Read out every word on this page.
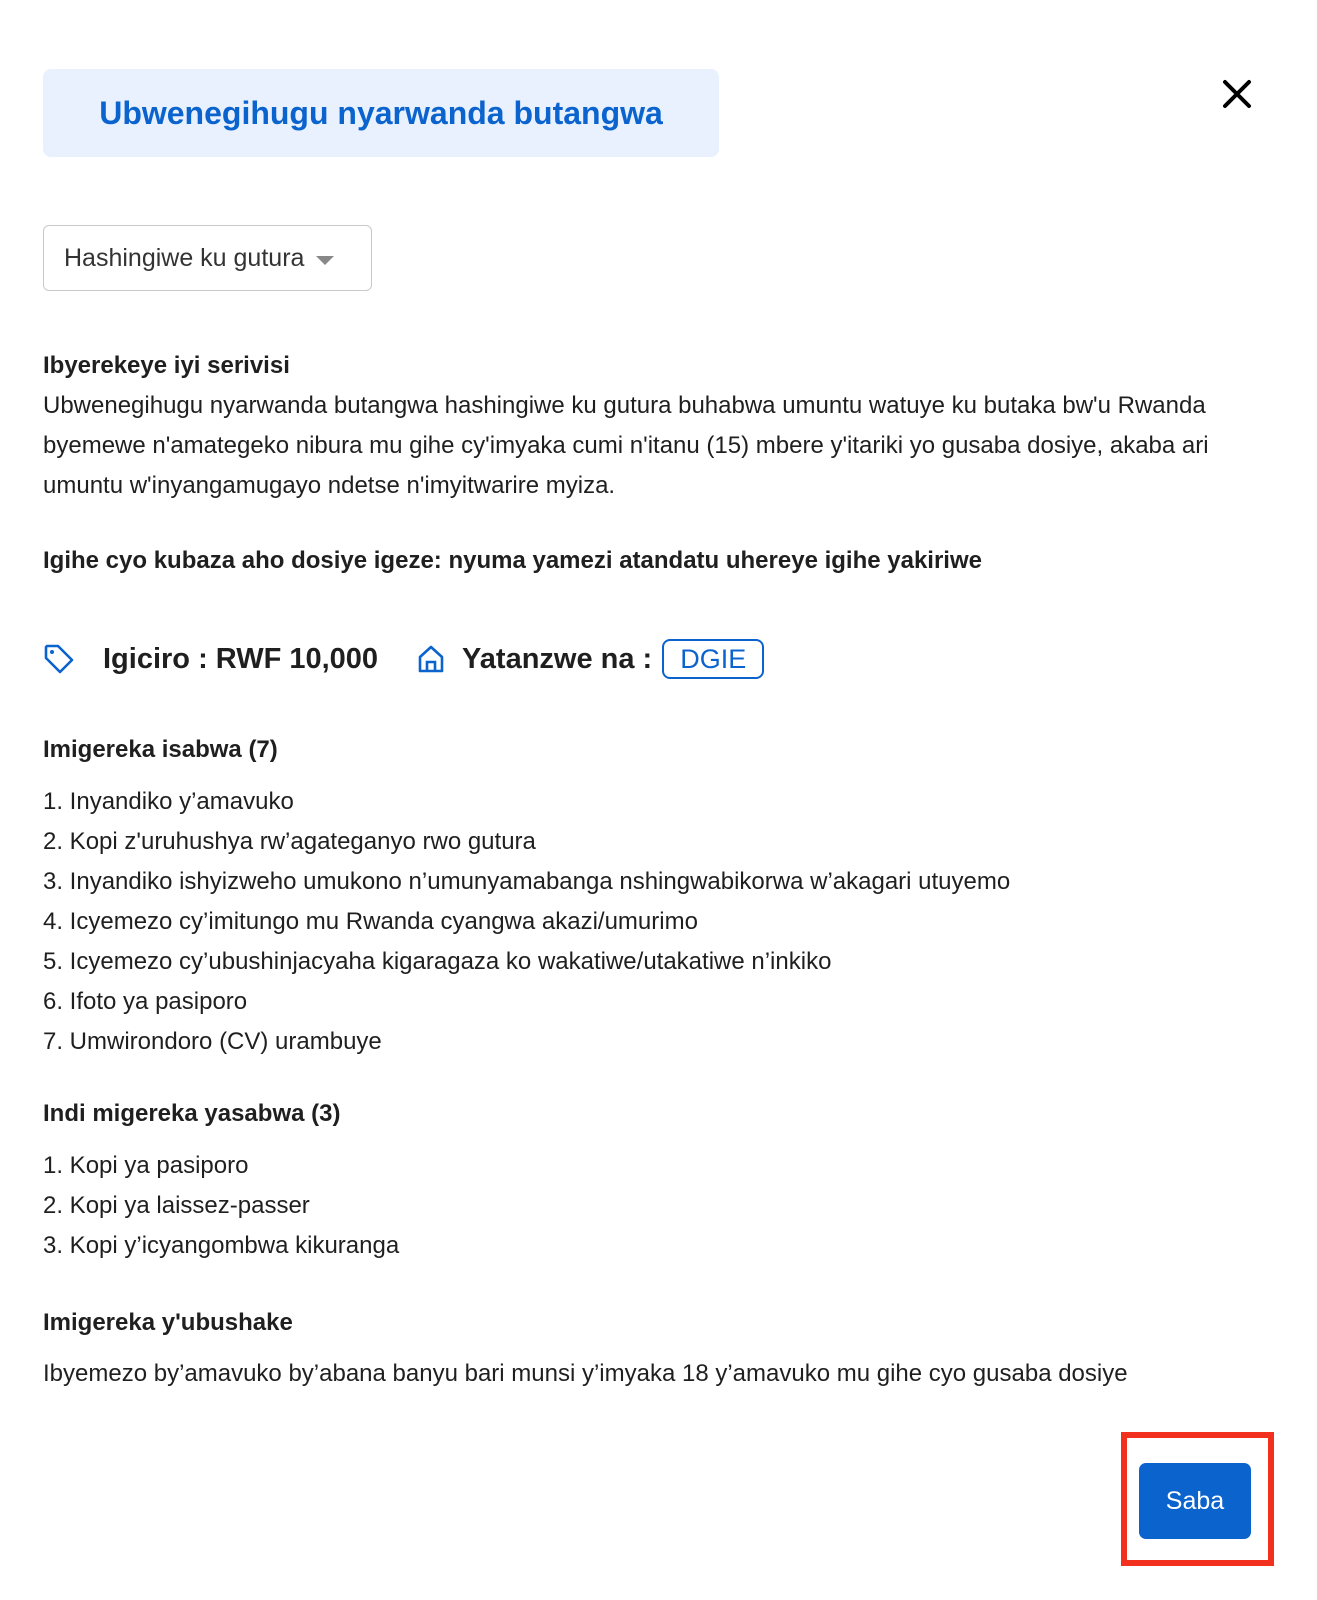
Ubwenegihugu nyarwanda butangwa
Hashingiwe ku gutura
Ibyerekeye iyi serivisi
Ubwenegihugu nyarwanda butangwa hashingiwe ku gutura buhabwa umuntu watuye ku butaka bw'u Rwanda byemewe n'amategeko nibura mu gihe cy'imyaka cumi n'itanu (15) mbere y'itariki yo gusaba dosiye, akaba ari umuntu w'inyangamugayo ndetse n'imyitwarire myiza.
Igihe cyo kubaza aho dosiye igeze: nyuma yamezi atandatu uhereye igihe yakiriwe
Igiciro : RWF 10,000	Yatanzwe na :	DGIE
Imigereka isabwa (7)
1. Inyandiko y’amavuko
2. Kopi z'uruhushya rw’agateganyo rwo gutura
3. Inyandiko ishyizweho umukono n’umunyamabanga nshingwabikorwa w’akagari utuyemo
4. Icyemezo cy’imitungo mu Rwanda cyangwa akazi/umurimo
5. Icyemezo cy’ubushinjacyaha kigaragaza ko wakatiwe/utakatiwe n’inkiko
6. Ifoto ya pasiporo
7. Umwirondoro (CV) urambuye
Indi migereka yasabwa (3)
1. Kopi ya pasiporo
2. Kopi ya laissez-passer
3. Kopi y’icyangombwa kikuranga
Imigereka y'ubushake
Ibyemezo by’amavuko by’abana banyu bari munsi y’imyaka 18 y’amavuko mu gihe cyo gusaba dosiye
Saba
